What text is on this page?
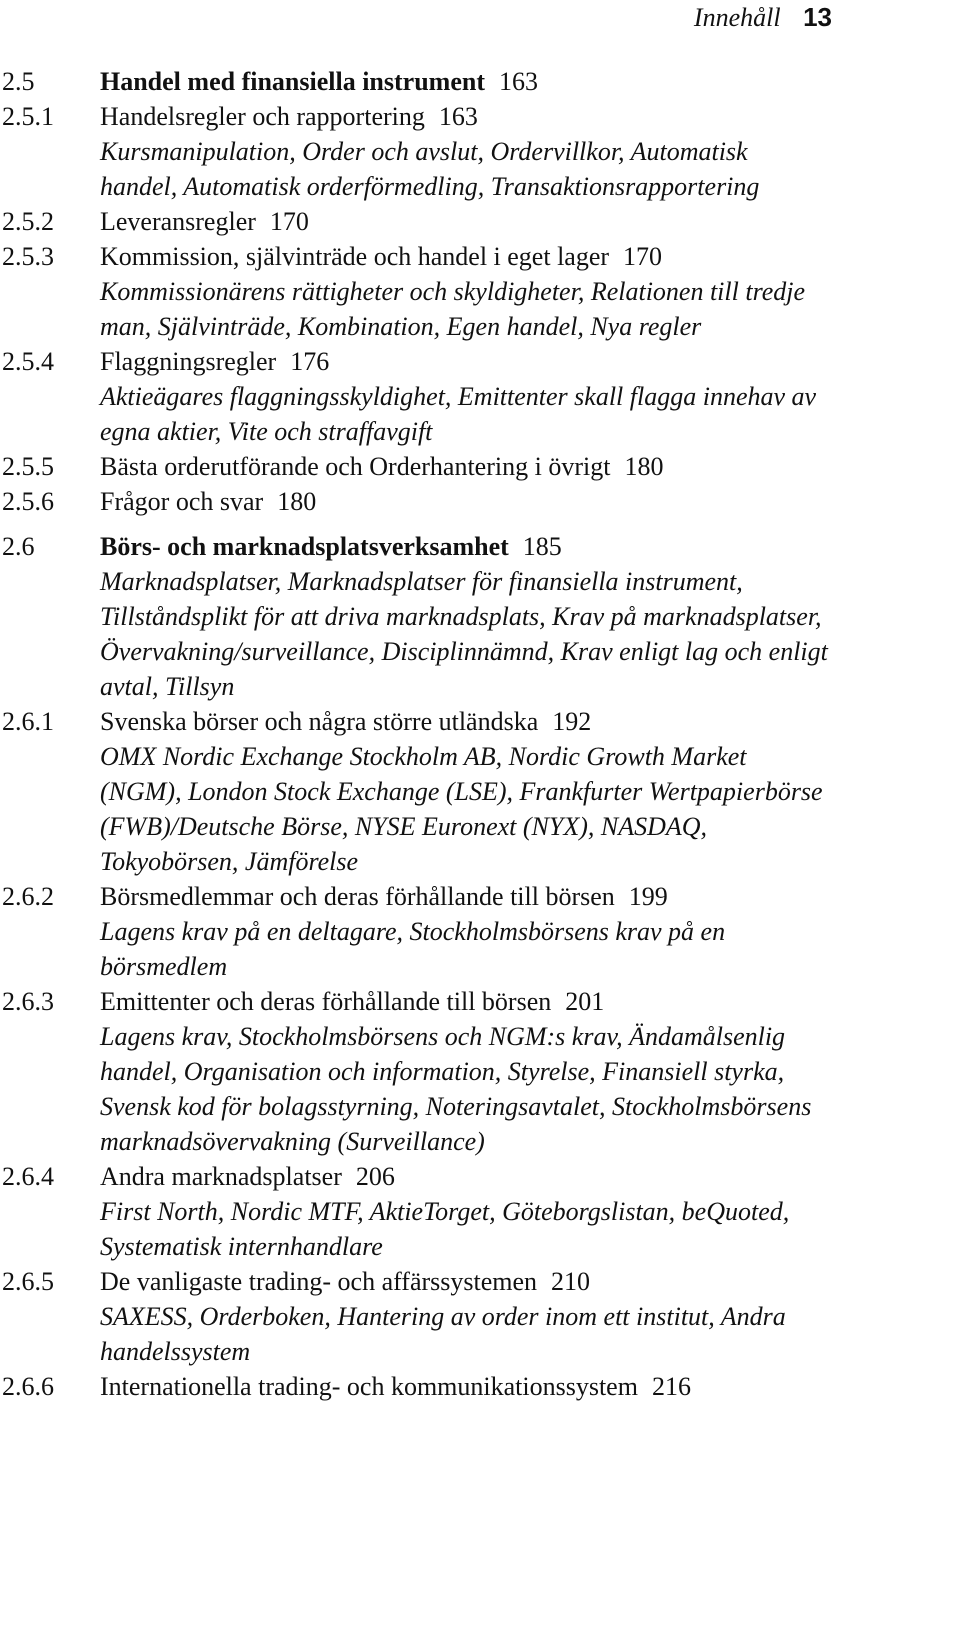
Innehåll 13
2.5	Handel med finansiella instrument 163
2.5.1	Handelsregler och rapportering 163
Kursmanipulation, Order och avslut, Ordervillkor, Automatisk handel, Automatisk orderförmedling, Transaktionsrapportering
2.5.2	Leveransregler 170
2.5.3	Kommission, självinträde och handel i eget lager 170
Kommissionärens rättigheter och skyldigheter, Relationen till tredje man, Självinträde, Kombination, Egen handel, Nya regler
2.5.4	Flaggningsregler 176
Aktieägares flaggningsskyldighet, Emittenter skall flagga innehav av egna aktier, Vite och straffavgift
2.5.5	Bästa orderutförande och Orderhantering i övrigt 180
2.5.6	Frågor och svar 180
2.6	Börs- och marknadsplatsverksamhet 185
Marknadsplatser, Marknadsplatser för finansiella instrument, Tillståndsplikt för att driva marknadsplats, Krav på marknadsplatser, Övervakning/surveillance, Disciplinnämnd, Krav enligt lag och enligt avtal, Tillsyn
2.6.1	Svenska börser och några större utländska 192
OMX Nordic Exchange Stockholm AB, Nordic Growth Market (NGM), London Stock Exchange (LSE), Frankfurter Wertpapierbörse (FWB)/Deutsche Börse, NYSE Euronext (NYX), NASDAQ, Tokyobörsen, Jämförelse
2.6.2	Börsmedlemmar och deras förhållande till börsen 199
Lagens krav på en deltagare, Stockholmsbörsens krav på en börsmedlem
2.6.3	Emittenter och deras förhållande till börsen 201
Lagens krav, Stockholmsbörsens och NGM:s krav, Ändamålsenlig handel, Organisation och information, Styrelse, Finansiell styrka, Svensk kod för bolagsstyrning, Noteringsavtalet, Stockholmsbörsens marknadsövervakning (Surveillance)
2.6.4	Andra marknadsplatser 206
First North, Nordic MTF, AktieTorget, Göteborgslistan, beQuoted, Systematisk internhandlare
2.6.5	De vanligaste trading- och affärssystemen 210
SAXESS, Orderboken, Hantering av order inom ett institut, Andra handelssystem
2.6.6	Internationella trading- och kommunikationssystem 216
